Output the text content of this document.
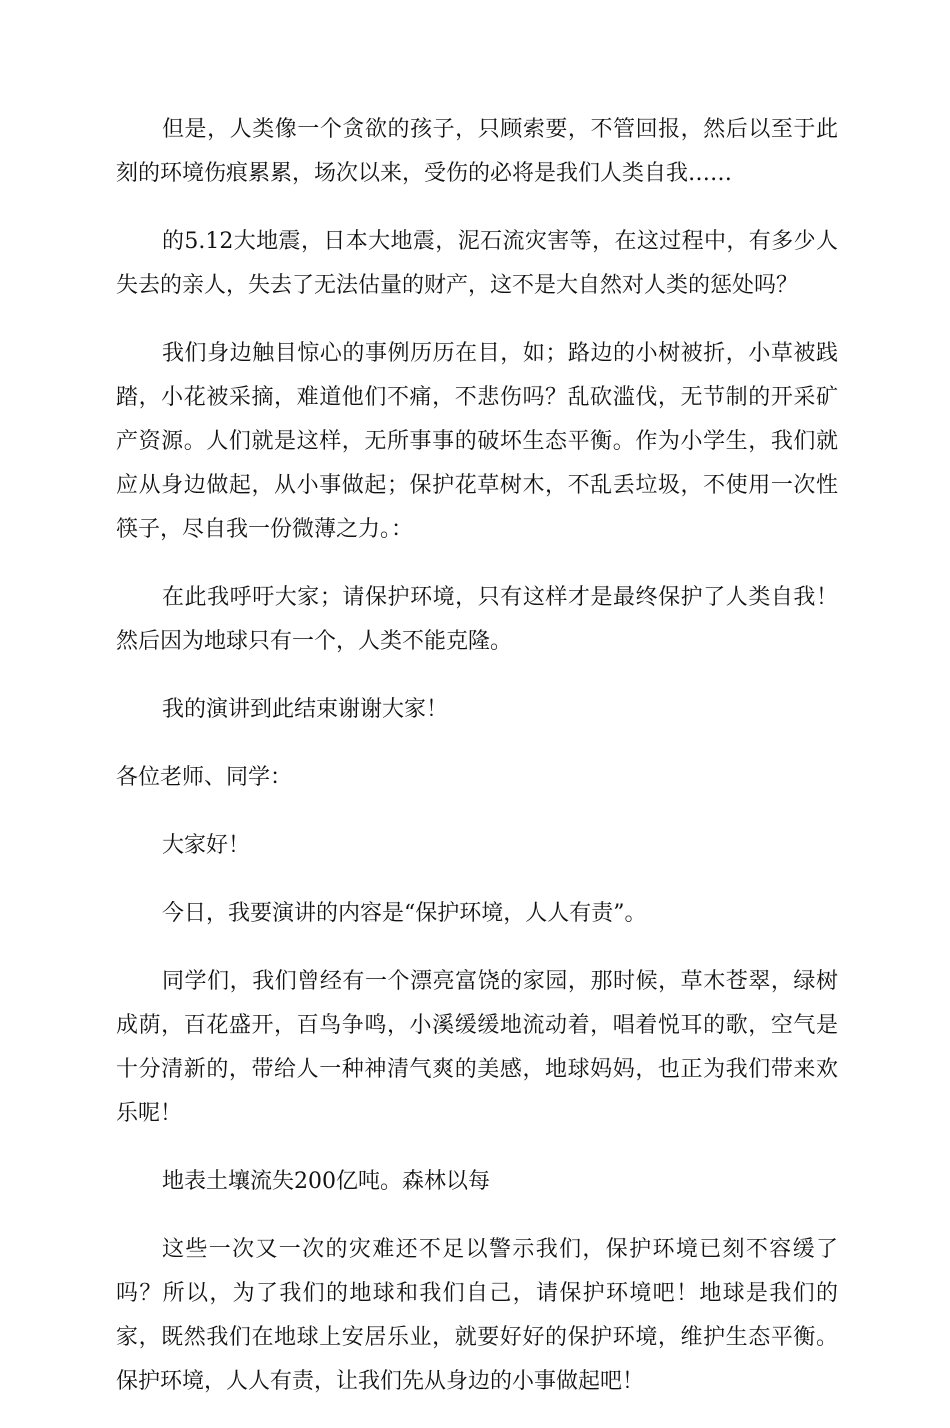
但是，人类像一个贪欲的孩子，只顾索要，不管回报，然后以至于此刻的环境伤痕累累，场次以来，受伤的必将是我们人类自我……

的5.12大地震，日本大地震，泥石流灾害等，在这过程中，有多少人失去的亲人，失去了无法估量的财产，这不是大自然对人类的惩处吗？

我们身边触目惊心的事例历历在目，如；路边的小树被折，小草被践踏，小花被采摘，难道他们不痛，不悲伤吗？乱砍滥伐，无节制的开采矿产资源。人们就是这样，无所事事的破坏生态平衡。作为小学生，我们就应从身边做起，从小事做起；保护花草树木，不乱丢垃圾，不使用一次性筷子，尽自我一份微薄之力。：

在此我呼吁大家；请保护环境，只有这样才是最终保护了人类自我！然后因为地球只有一个，人类不能克隆。

我的演讲到此结束谢谢大家！

各位老师、同学：

大家好！

今日，我要演讲的内容是“保护环境，人人有责”。

同学们，我们曾经有一个漂亮富饶的家园，那时候，草木苍翠，绿树成荫，百花盛开，百鸟争鸣，小溪缓缓地流动着，唱着悦耳的歌，空气是十分清新的，带给人一种神清气爽的美感，地球妈妈，也正为我们带来欢乐呢！

地表土壤流失200亿吨。森林以每

这些一次又一次的灾难还不足以警示我们，保护环境已刻不容缓了吗？所以，为了我们的地球和我们自己，请保护环境吧！地球是我们的家，既然我们在地球上安居乐业，就要好好的保护环境，维护生态平衡。保护环境，人人有责，让我们先从身边的小事做起吧！
